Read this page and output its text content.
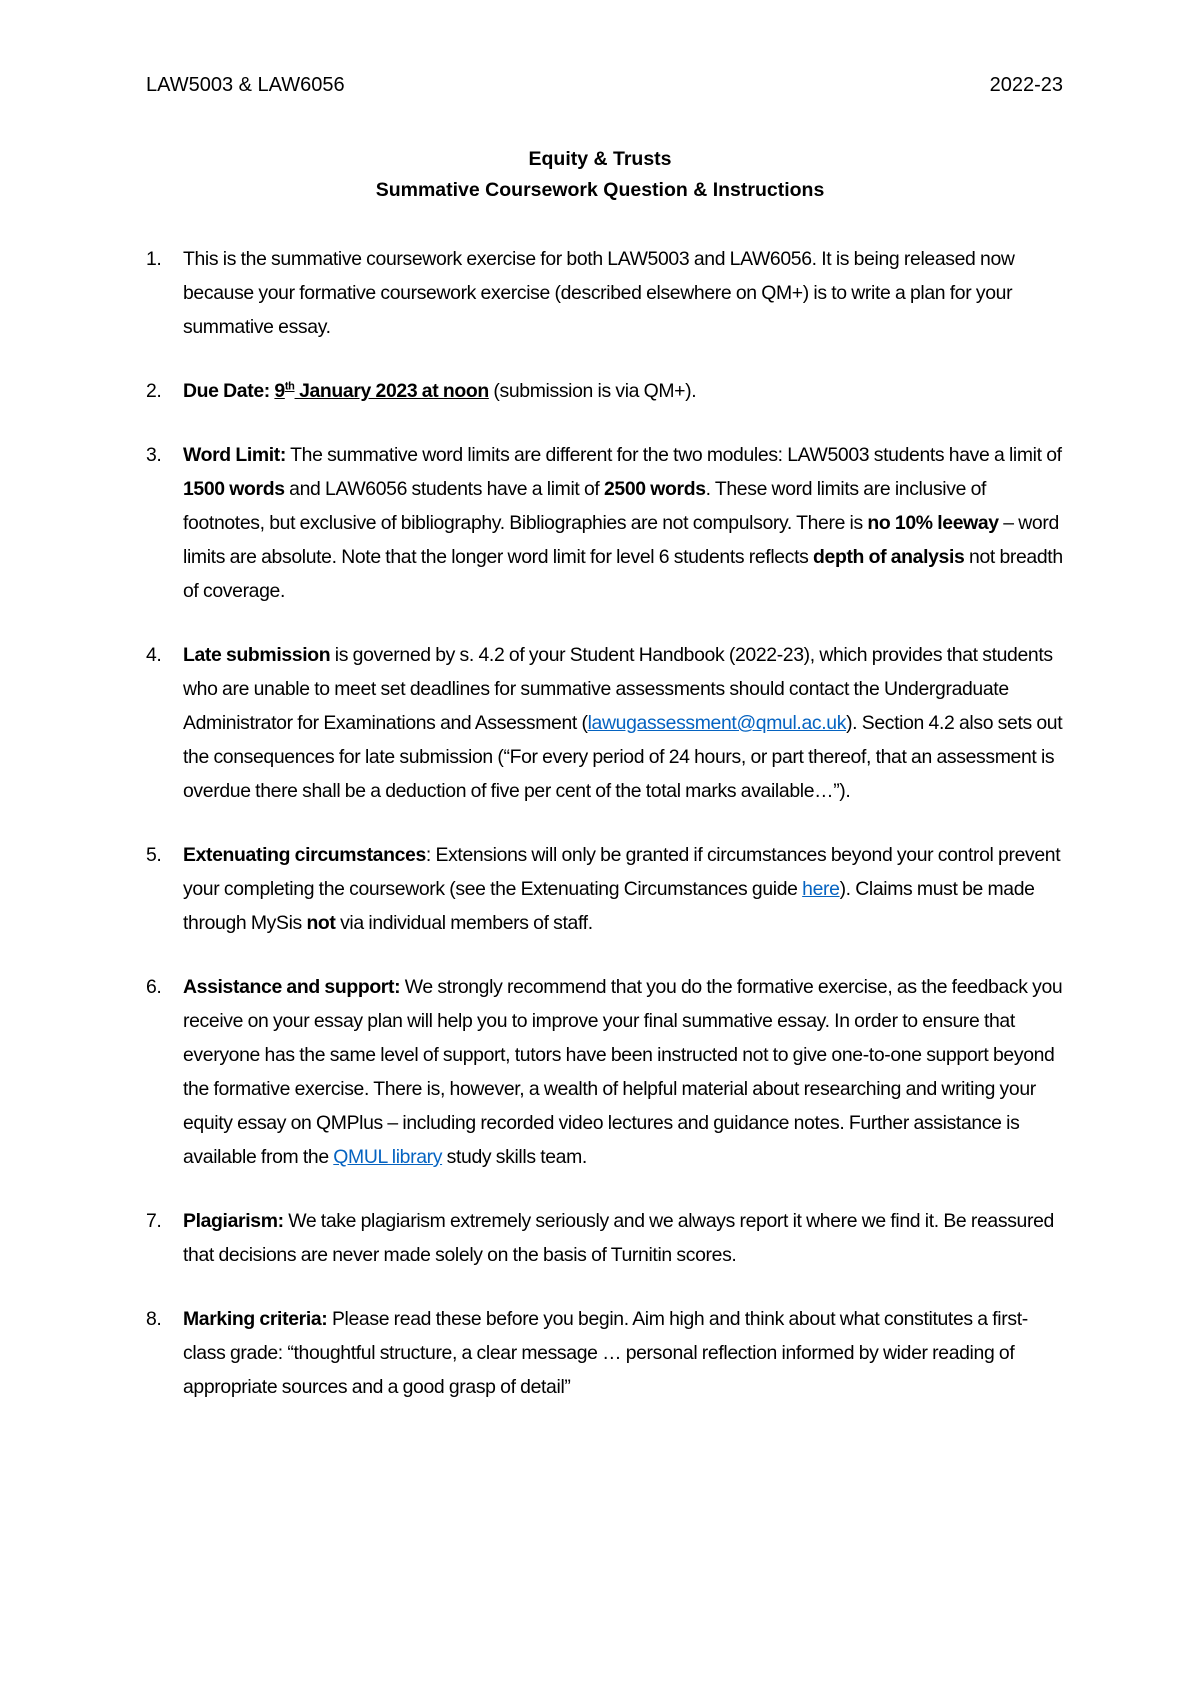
LAW5003 & LAW6056	2022-23
Equity & Trusts
Summative Coursework Question & Instructions
1. This is the summative coursework exercise for both LAW5003 and LAW6056. It is being released now because your formative coursework exercise (described elsewhere on QM+) is to write a plan for your summative essay.
2. Due Date: 9th January 2023 at noon (submission is via QM+).
3. Word Limit: The summative word limits are different for the two modules: LAW5003 students have a limit of 1500 words and LAW6056 students have a limit of 2500 words. These word limits are inclusive of footnotes, but exclusive of bibliography. Bibliographies are not compulsory. There is no 10% leeway – word limits are absolute. Note that the longer word limit for level 6 students reflects depth of analysis not breadth of coverage.
4. Late submission is governed by s. 4.2 of your Student Handbook (2022-23), which provides that students who are unable to meet set deadlines for summative assessments should contact the Undergraduate Administrator for Examinations and Assessment (lawugassessment@qmul.ac.uk). Section 4.2 also sets out the consequences for late submission (“For every period of 24 hours, or part thereof, that an assessment is overdue there shall be a deduction of five per cent of the total marks available…”).
5. Extenuating circumstances: Extensions will only be granted if circumstances beyond your control prevent your completing the coursework (see the Extenuating Circumstances guide here). Claims must be made through MySis not via individual members of staff.
6. Assistance and support: We strongly recommend that you do the formative exercise, as the feedback you receive on your essay plan will help you to improve your final summative essay. In order to ensure that everyone has the same level of support, tutors have been instructed not to give one-to-one support beyond the formative exercise. There is, however, a wealth of helpful material about researching and writing your equity essay on QMPlus – including recorded video lectures and guidance notes. Further assistance is available from the QMUL library study skills team.
7. Plagiarism: We take plagiarism extremely seriously and we always report it where we find it. Be reassured that decisions are never made solely on the basis of Turnitin scores.
8. Marking criteria: Please read these before you begin. Aim high and think about what constitutes a first-class grade: “thoughtful structure, a clear message … personal reflection informed by wider reading of appropriate sources and a good grasp of detail”
